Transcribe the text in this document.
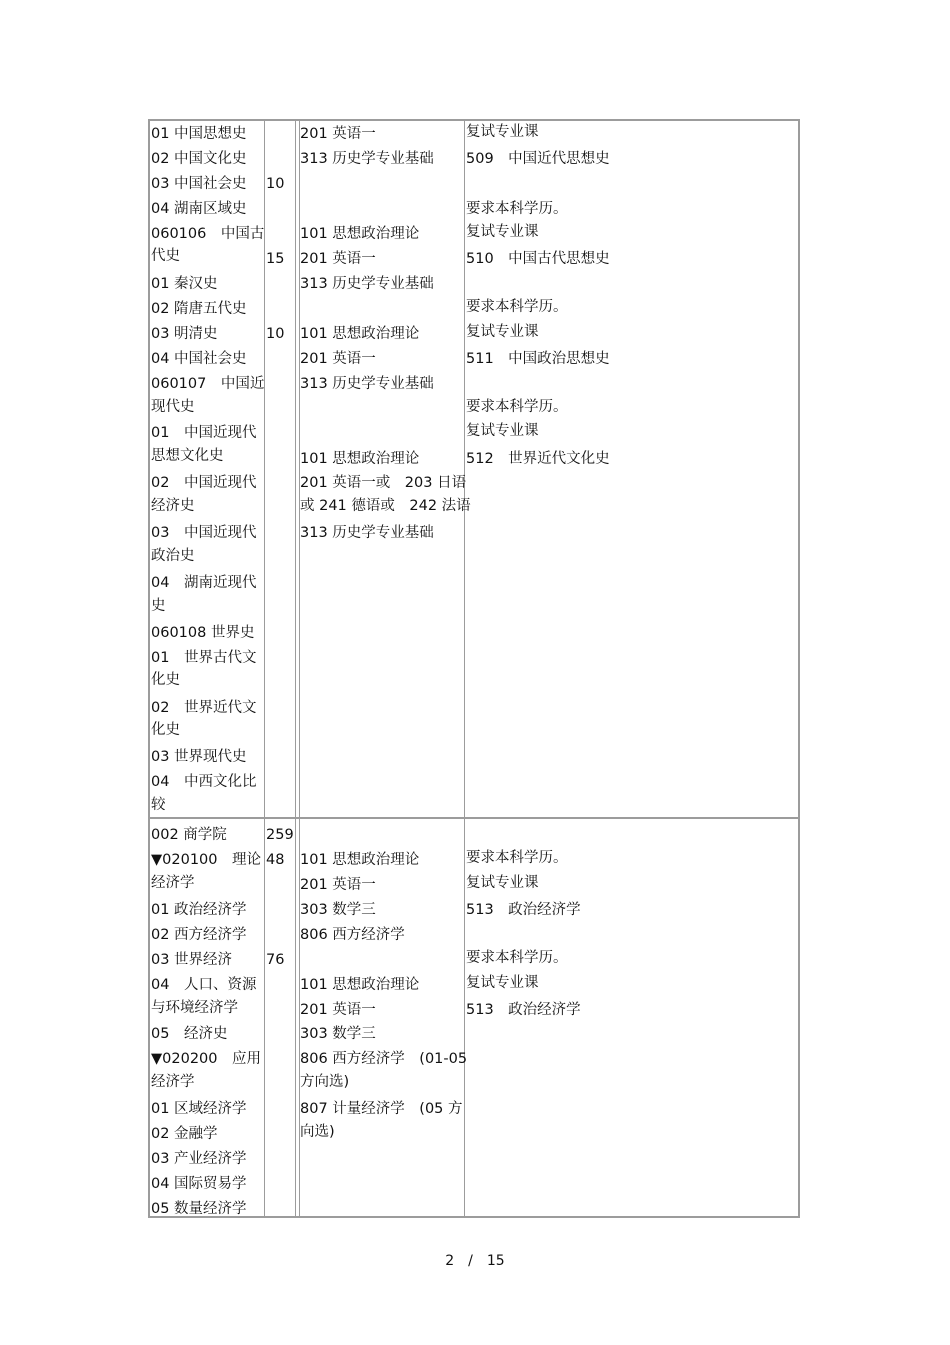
01 中国思想史
02 中国文化史
03 中国社会史
04 湖南区域史
060106　中国古
代史
01 秦汉史
02 隋唐五代史
03 明清史
04 中国社会史
060107　中国近
现代史
01　中国近现代
思想文化史
02　中国近现代
经济史
03　中国近现代
政治史
04　湖南近现代
史
060108 世界史
01　世界古代文
化史
02　世界近代文
化史
03 世界现代史
04　中西文化比
较
10
15
10
201 英语一
313 历史学专业基础
101 思想政治理论
201 英语一
313 历史学专业基础
101 思想政治理论
201 英语一
313 历史学专业基础
101 思想政治理论
201 英语一或　203 日语
或 241 德语或　242 法语
313 历史学专业基础
复试专业课
509　中国近代思想史
要求本科学历。
复试专业课
510　中国古代思想史
要求本科学历。
复试专业课
511　中国政治思想史
要求本科学历。
复试专业课
512　世界近代文化史
002 商学院
▼020100　理论
经济学
01 政治经济学
02 西方经济学
03 世界经济
04　人口、资源
与环境经济学
05　经济史
▼020200　应用
经济学
01 区域经济学
02 金融学
03 产业经济学
04 国际贸易学
05 数量经济学
259
48
76
101 思想政治理论
201 英语一
303 数学三
806 西方经济学
101 思想政治理论
201 英语一
303 数学三
806 西方经济学　(01-05
方向选)
807 计量经济学　(05 方
向选)
要求本科学历。
复试专业课
513　政治经济学
要求本科学历。
复试专业课
513　政治经济学
2　/　15
